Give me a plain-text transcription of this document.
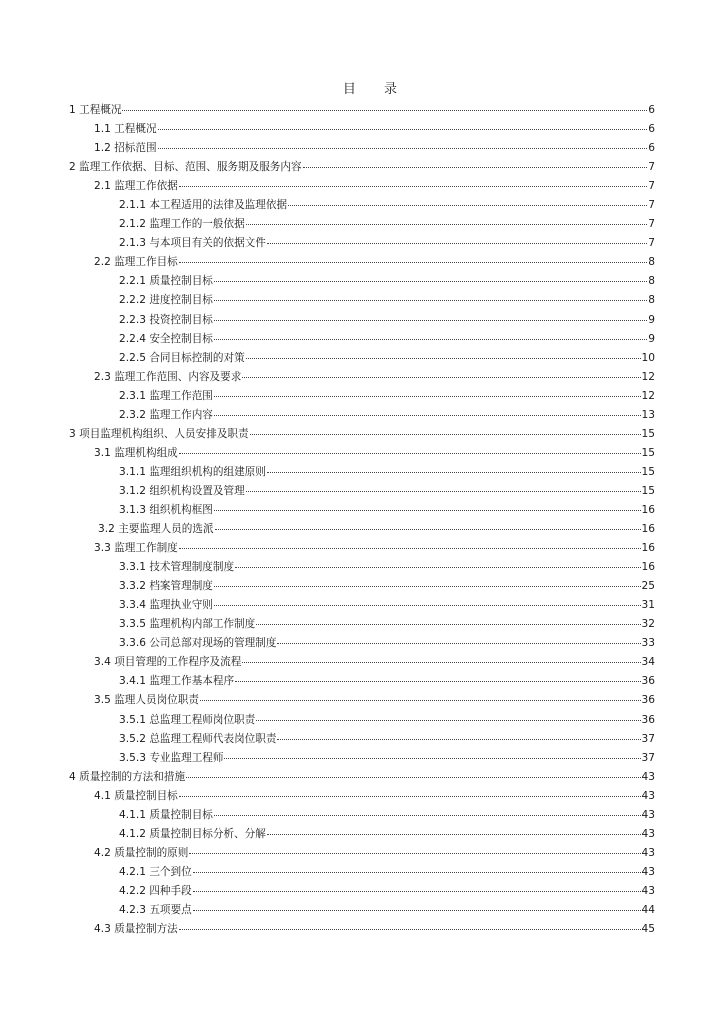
目 录
1 工程概况	6
1.1 工程概况	6
1.2 招标范围	6
2 监理工作依据、目标、范围、服务期及服务内容	7
2.1 监理工作依据	7
2.1.1 本工程适用的法律及监理依据	7
2.1.2 监理工作的一般依据	7
2.1.3 与本项目有关的依据文件	7
2.2 监理工作目标	8
2.2.1 质量控制目标	8
2.2.2 进度控制目标	8
2.2.3 投资控制目标	9
2.2.4 安全控制目标	9
2.2.5 合同目标控制的对策	10
2.3 监理工作范围、内容及要求	12
2.3.1 监理工作范围	12
2.3.2 监理工作内容	13
3 项目监理机构组织、人员安排及职责	15
3.1 监理机构组成	15
3.1.1 监理组织机构的组建原则	15
3.1.2 组织机构设置及管理	15
3.1.3 组织机构框图	16
3.2 主要监理人员的选派	16
3.3 监理工作制度	16
3.3.1 技术管理制度制度	16
3.3.2 档案管理制度	25
3.3.4 监理执业守则	31
3.3.5 监理机构内部工作制度	32
3.3.6 公司总部对现场的管理制度	33
3.4 项目管理的工作程序及流程	34
3.4.1 监理工作基本程序	36
3.5 监理人员岗位职责	36
3.5.1 总监理工程师岗位职责	36
3.5.2 总监理工程师代表岗位职责	37
3.5.3 专业监理工程师	37
4 质量控制的方法和措施	43
4.1 质量控制目标	43
4.1.1 质量控制目标	43
4.1.2 质量控制目标分析、分解	43
4.2 质量控制的原则	43
4.2.1 三个到位	43
4.2.2 四种手段	43
4.2.3 五项要点	44
4.3 质量控制方法	45
